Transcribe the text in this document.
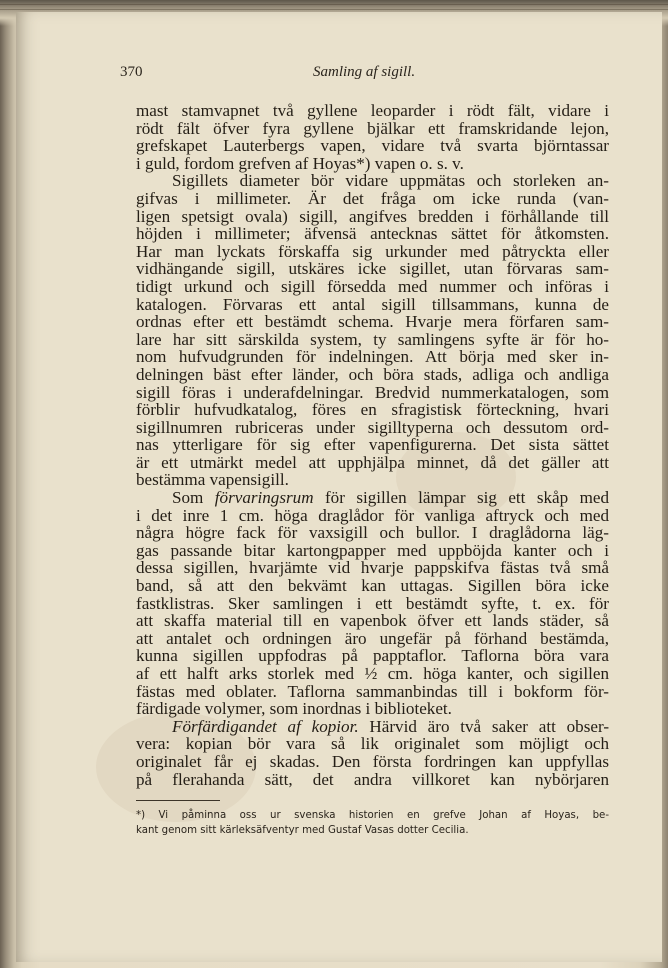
370	Samling af sigill.
mast stamvapnet två gyllene leoparder i rödt fält, vidare i
rödt fält öfver fyra gyllene bjälkar ett framskridande lejon,
grefskapet Lauterbergs vapen, vidare två svarta björntassar
i guld, fordom grefven af Hoyas*) vapen o. s. v.
Sigillets diameter bör vidare uppmätas och storleken an-
gifvas i millimeter. Är det fråga om icke runda (van-
ligen spetsigt ovala) sigill, angifves bredden i förhållande till
höjden i millimeter; äfvensä antecknas sättet för åtkomsten.
Har man lyckats förskaffa sig urkunder med påtryckta eller
vidhängande sigill, utskäres icke sigillet, utan förvaras sam-
tidigt urkund och sigill försedda med nummer och införas i
katalogen. Förvaras ett antal sigill tillsammans, kunna de
ordnas efter ett bestämdt schema. Hvarje mera förfaren sam-
lare har sitt särskilda system, ty samlingens syfte är för ho-
nom hufvudgrunden för indelningen. Att börja med sker in-
delningen bäst efter länder, och böra stads, adliga och andliga
sigill föras i underafdelningar. Bredvid nummerkatalogen, som
förblir hufvudkatalog, föres en sfragistisk förteckning, hvari
sigillnumren rubriceras under sigilltyperna och dessutom ord-
nas ytterligare för sig efter vapenfigurerna. Det sista sättet
är ett utmärkt medel att upphjälpa minnet, då det gäller att
bestämma vapensigill.
Som förvaringsrum för sigillen lämpar sig ett skåp med
i det inre 1 cm. höga draglådor för vanliga aftryck och med
några högre fack för vaxsigill och bullor. I draglådorna läg-
gas passande bitar kartongpapper med uppböjda kanter och i
dessa sigillen, hvarjämte vid hvarje pappskifva fästas två små
band, så att den bekvämt kan uttagas. Sigillen böra icke
fastklistras. Sker samlingen i ett bestämdt syfte, t. ex. för
att skaffa material till en vapenbok öfver ett lands städer, så
att antalet och ordningen äro ungefär på förhand bestämda,
kunna sigillen uppfodras på papptaflor. Taflorna böra vara
af ett halft arks storlek med ½ cm. höga kanter, och sigillen
fästas med oblater. Taflorna sammanbindas till i bokform för-
färdigade volymer, som inordnas i biblioteket.
Förfärdigandet af kopior. Härvid äro två saker att obser-
vera: kopian bör vara så lik originalet som möjligt och
originalet får ej skadas. Den första fordringen kan uppfyllas
på flerahanda sätt, det andra villkoret kan nybörjaren
*) Vi påminna oss ur svenska historien en grefve Johan af Hoyas, be-
kant genom sitt kärleksäfventyr med Gustaf Vasas dotter Cecilia.
